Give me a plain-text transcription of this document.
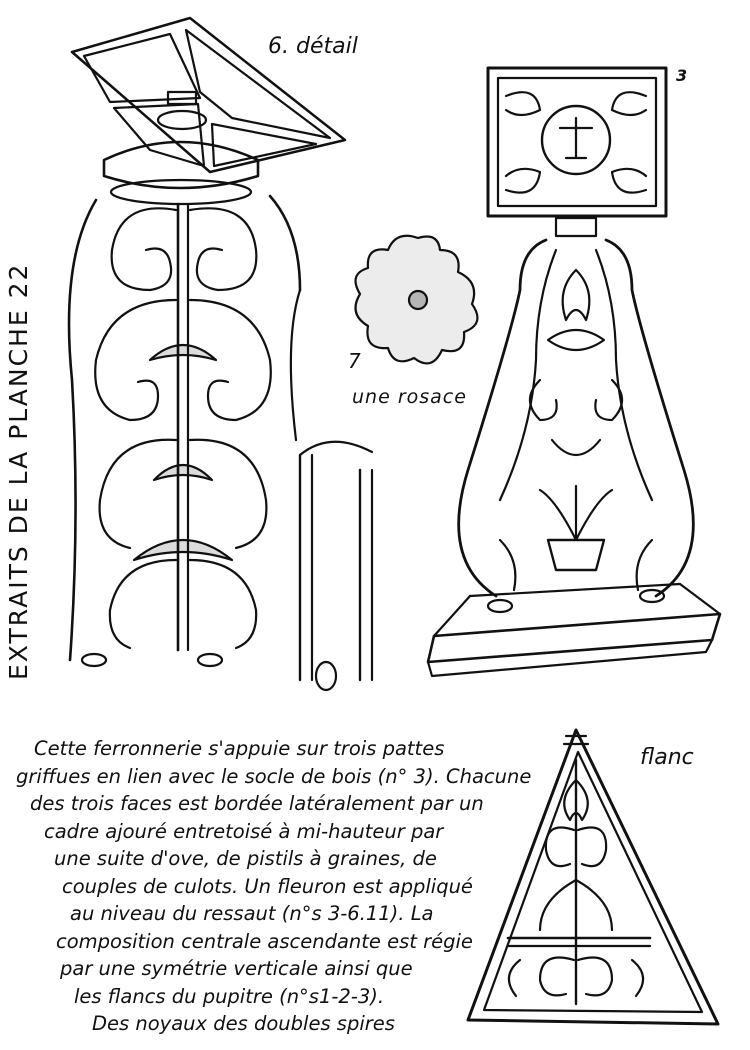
6. détail
3
7
une rosace
flanc
EXTRAITS DE LA PLANCHE 22
Cette ferronnerie s'appuie sur trois pattes
griffues en lien avec le socle de bois (n° 3). Chacune
des trois faces est bordée latéralement par un
cadre ajouré entretoisé à mi-hauteur par
une suite d'ove, de pistils à graines, de
couples de culots. Un fleuron est appliqué
au niveau du ressaut (n°s 3-6.11). La
composition centrale ascendante est régie
par une symétrie verticale ainsi que
les flancs du pupitre (n°s1-2-3).
Des noyaux des doubles spires
